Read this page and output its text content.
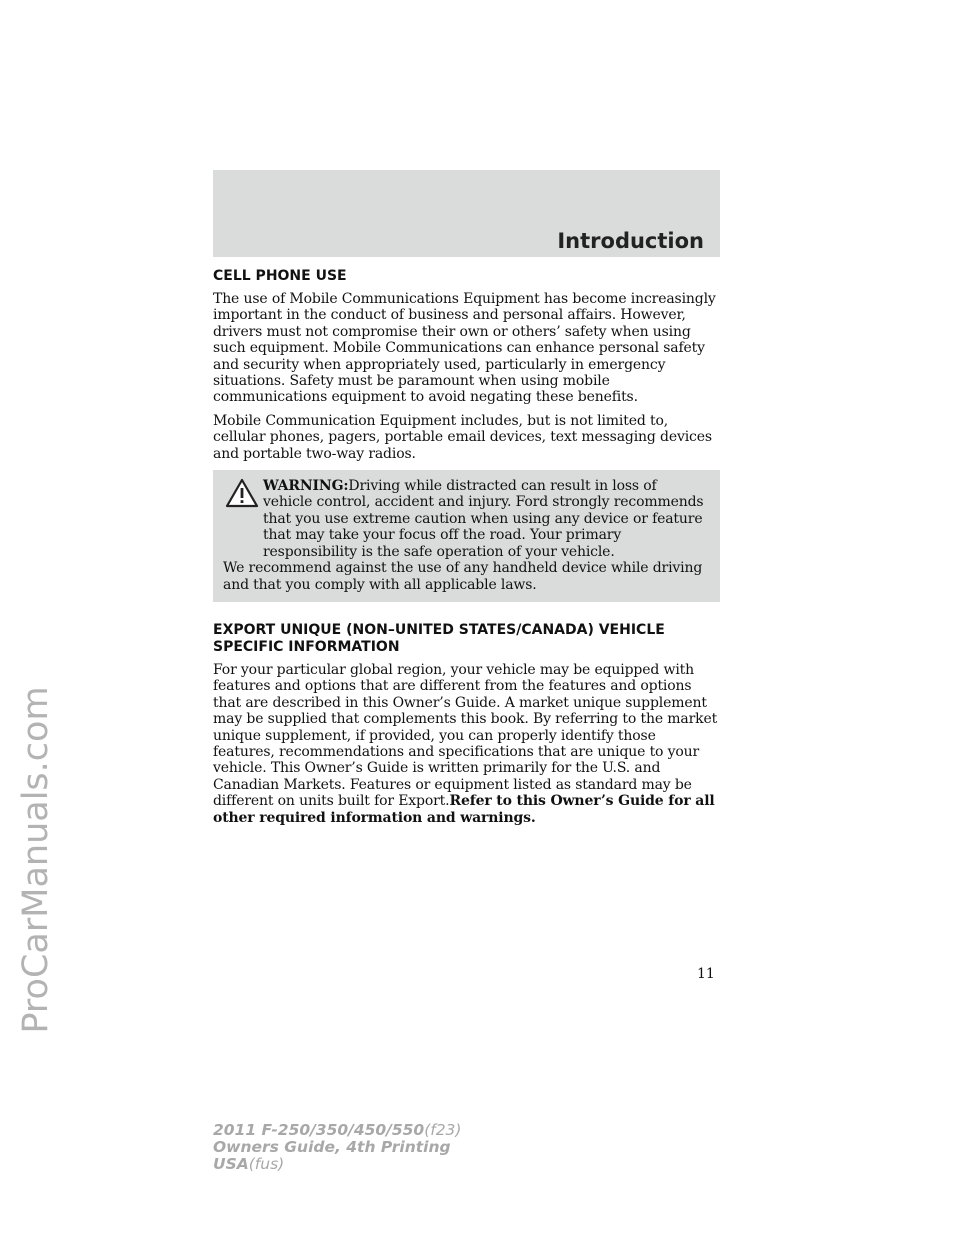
ProCarManuals.com
Introduction
CELL PHONE USE

The use of Mobile Communications Equipment has become increasingly important in the conduct of business and personal affairs. However, drivers must not compromise their own or others’ safety when using such equipment. Mobile Communications can enhance personal safety and security when appropriately used, particularly in emergency situations. Safety must be paramount when using mobile communications equipment to avoid negating these benefits.

Mobile Communication Equipment includes, but is not limited to, cellular phones, pagers, portable email devices, text messaging devices and portable two-way radios.

WARNING:Driving while distracted can result in loss of vehicle control, accident and injury. Ford strongly recommends that you use extreme caution when using any device or feature that may take your focus off the road. Your primary responsibility is the safe operation of your vehicle.

We recommend against the use of any handheld device while driving and that you comply with all applicable laws.

EXPORT UNIQUE (NON–UNITED STATES/CANADA) VEHICLE
SPECIFIC INFORMATION

For your particular global region, your vehicle may be equipped with features and options that are different from the features and options that are described in this Owner’s Guide. A market unique supplement may be supplied that complements this book. By referring to the market unique supplement, if provided, you can properly identify those features, recommendations and specifications that are unique to your vehicle. This Owner’s Guide is written primarily for the U.S. and Canadian Markets. Features or equipment listed as standard may be different on units built for Export.Refer to this Owner’s Guide for all other required information and warnings.

11
2011 F-250/350/450/550(f23)
Owners Guide, 4th Printing
USA(fus)
